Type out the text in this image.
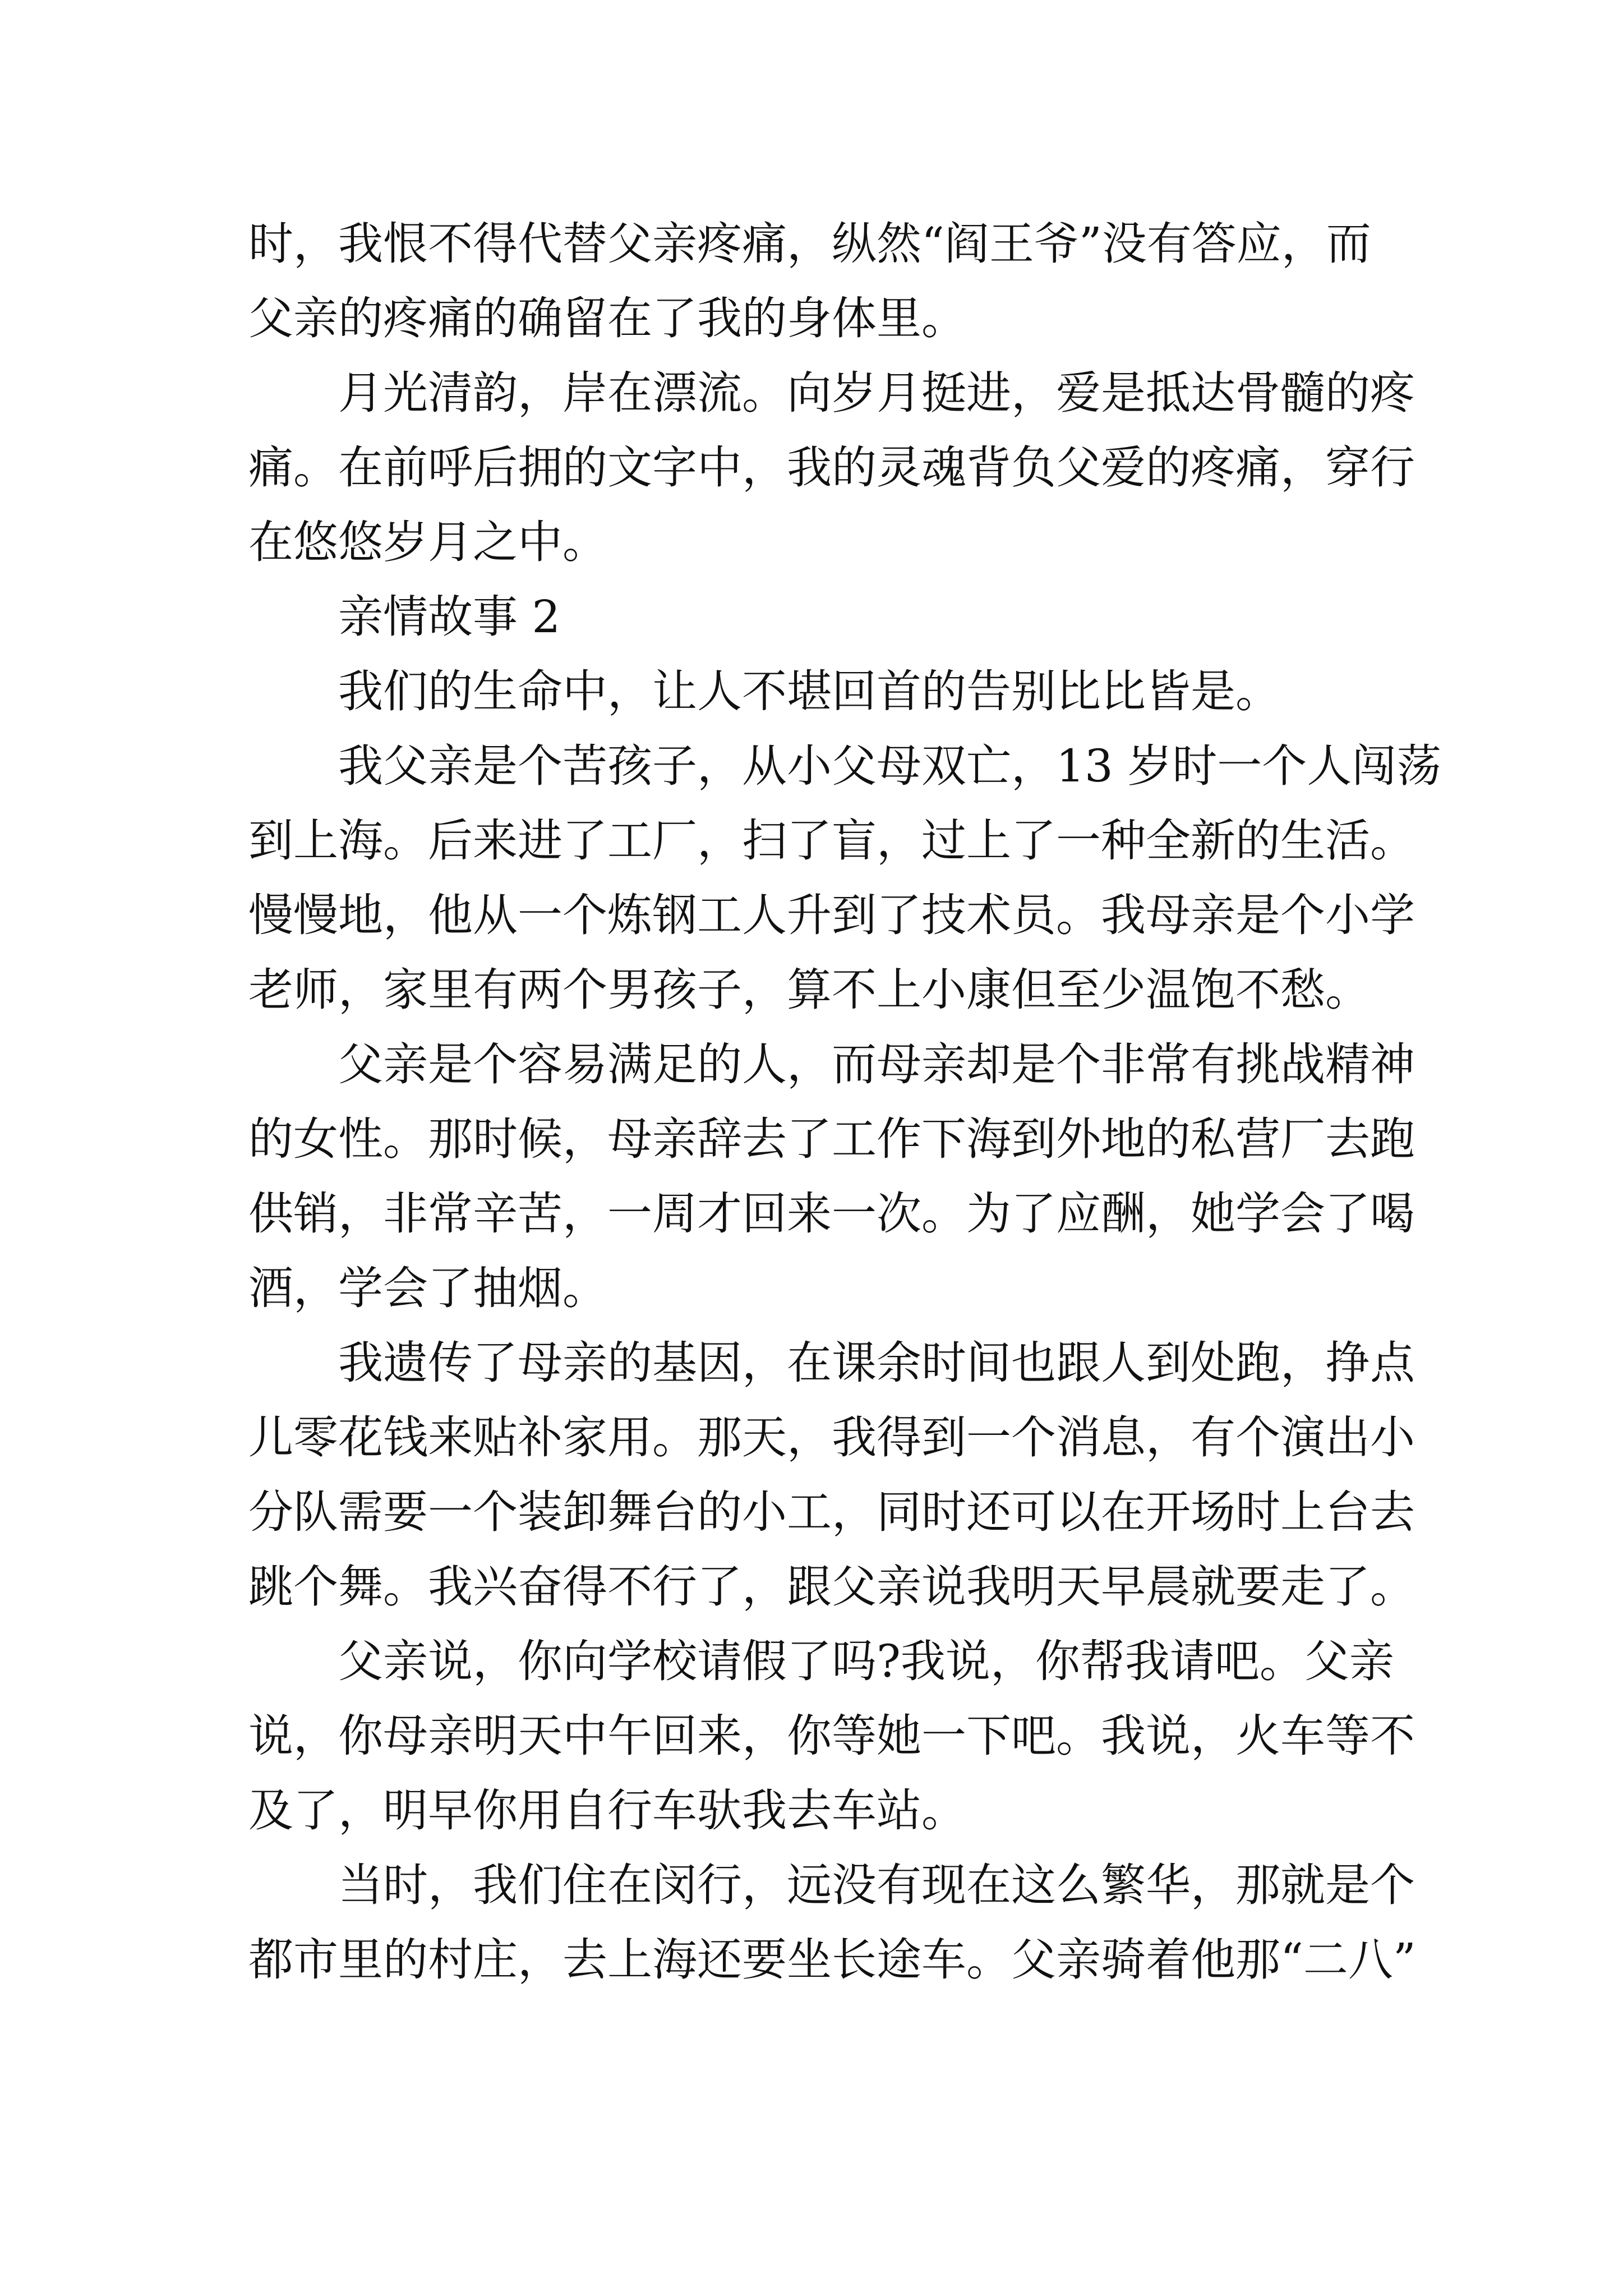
时，我恨不得代替父亲疼痛，纵然“阎王爷”没有答应，而

父亲的疼痛的确留在了我的身体里。

月光清韵，岸在漂流。向岁月挺进，爱是抵达骨髓的疼

痛。在前呼后拥的文字中，我的灵魂背负父爱的疼痛，穿行

在悠悠岁月之中。

亲情故事 2

我们的生命中，让人不堪回首的告别比比皆是。

我父亲是个苦孩子，从小父母双亡，13 岁时一个人闯荡

到上海。后来进了工厂，扫了盲，过上了一种全新的生活。

慢慢地，他从一个炼钢工人升到了技术员。我母亲是个小学

老师，家里有两个男孩子，算不上小康但至少温饱不愁。

父亲是个容易满足的人，而母亲却是个非常有挑战精神

的女性。那时候，母亲辞去了工作下海到外地的私营厂去跑

供销，非常辛苦，一周才回来一次。为了应酬，她学会了喝

酒，学会了抽烟。

我遗传了母亲的基因，在课余时间也跟人到处跑，挣点

儿零花钱来贴补家用。那天，我得到一个消息，有个演出小

分队需要一个装卸舞台的小工，同时还可以在开场时上台去

跳个舞。我兴奋得不行了，跟父亲说我明天早晨就要走了。

父亲说，你向学校请假了吗?我说，你帮我请吧。父亲

说，你母亲明天中午回来，你等她一下吧。我说，火车等不

及了，明早你用自行车驮我去车站。

当时，我们住在闵行，远没有现在这么繁华，那就是个

都市里的村庄，去上海还要坐长途车。父亲骑着他那“二八”
